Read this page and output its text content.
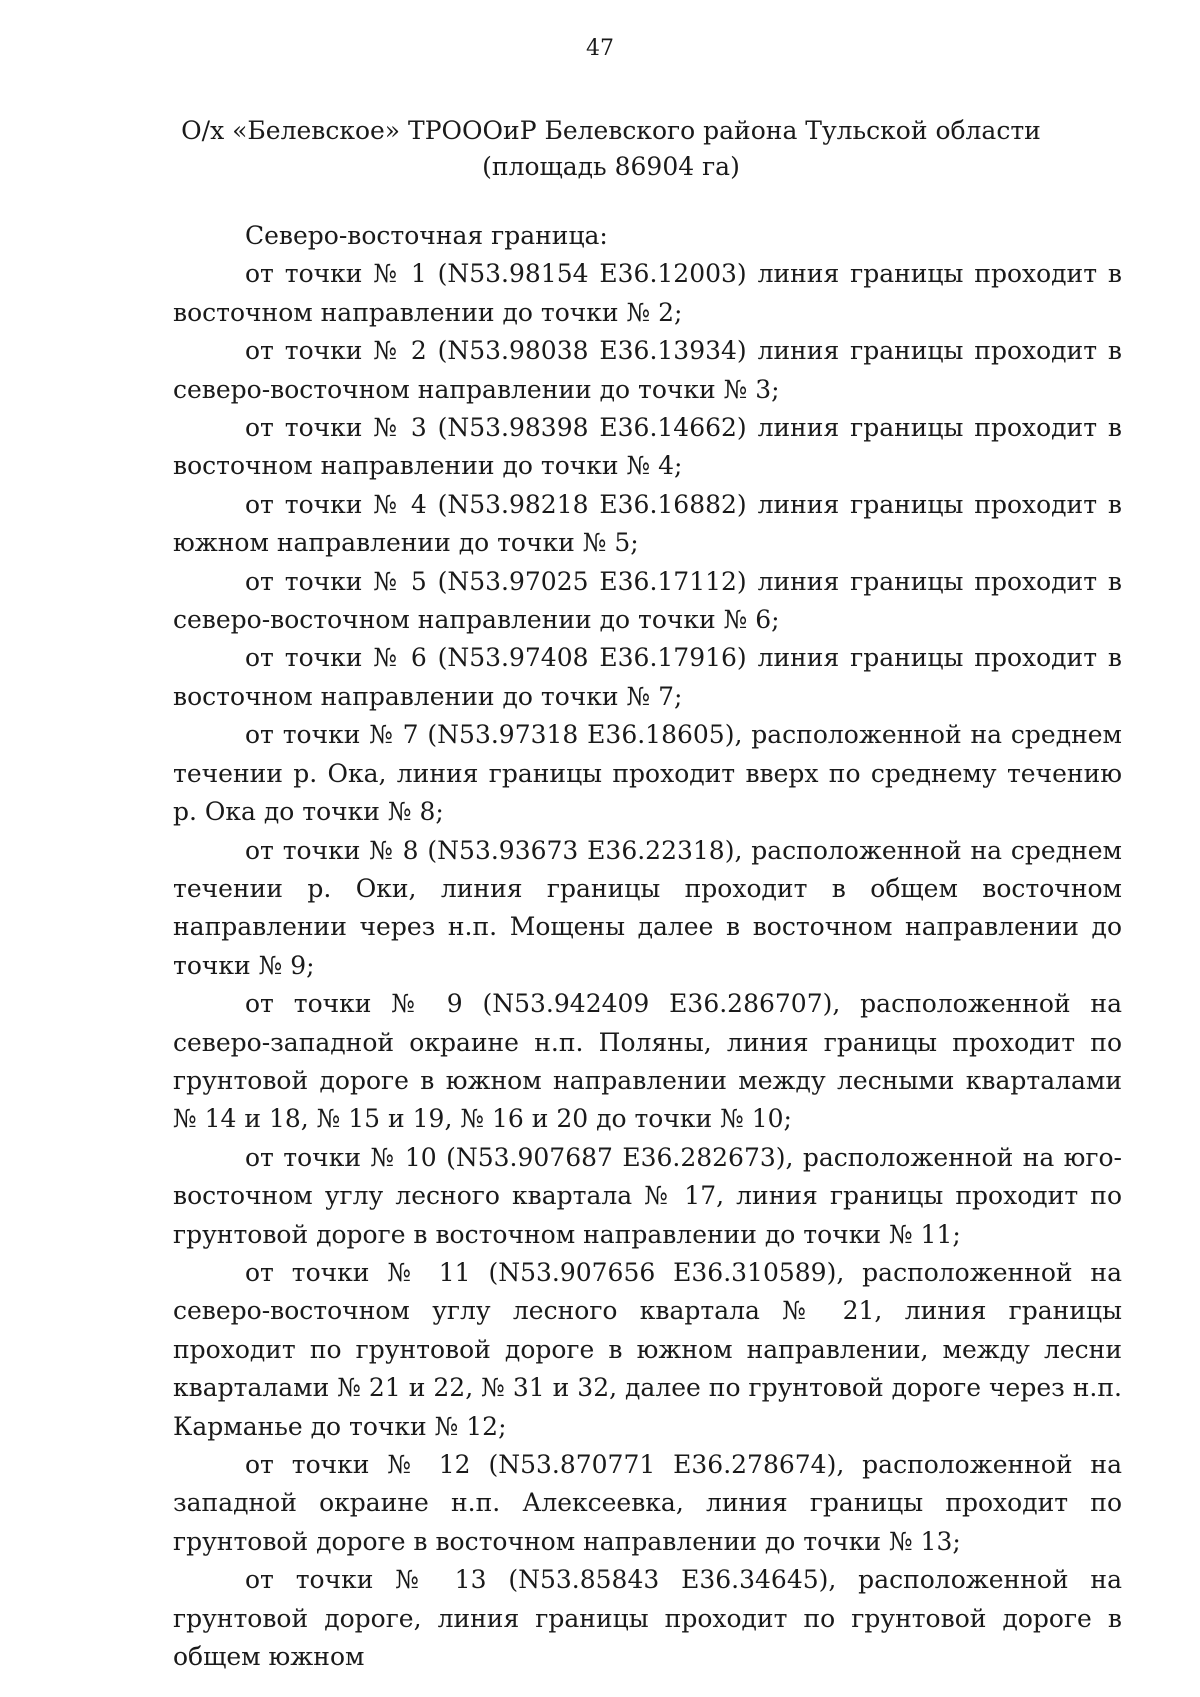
47
О/х «Белевское» ТРОООиР Белевского района Тульской области
(площадь 86904 га)

Северо-восточная граница:

от точки № 1 (N53.98154 E36.12003) линия границы проходит в восточном направлении до точки № 2;

от точки № 2 (N53.98038 E36.13934) линия границы проходит в северо-восточном направлении до точки № 3;

от точки № 3 (N53.98398 E36.14662) линия границы проходит в восточном направлении до точки № 4;

от точки № 4 (N53.98218 E36.16882) линия границы проходит в южном направлении до точки № 5;

от точки № 5 (N53.97025 E36.17112) линия границы проходит в северо-восточном направлении до точки № 6;

от точки № 6 (N53.97408 E36.17916) линия границы проходит в восточном направлении до точки № 7;

от точки № 7 (N53.97318 E36.18605), расположенной на среднем течении р. Ока, линия границы проходит вверх по среднему течению р. Ока до точки № 8;

от точки № 8 (N53.93673 E36.22318), расположенной на среднем течении р. Оки, линия границы проходит в общем восточном направлении через н.п. Мощены далее в восточном направлении до точки № 9;

от точки № 9 (N53.942409 E36.286707), расположенной на северо-западной окраине н.п. Поляны, линия границы проходит по грунтовой дороге в южном направлении между лесными кварталами № 14 и 18, № 15 и 19, № 16 и 20 до точки № 10;

от точки № 10 (N53.907687 E36.282673), расположенной на юго-восточном углу лесного квартала № 17, линия границы проходит по грунтовой дороге в восточном направлении до точки № 11;

от точки № 11 (N53.907656 E36.310589), расположенной на северо-восточном углу лесного квартала № 21, линия границы проходит по грунтовой дороге в южном направлении, между лесни кварталами № 21 и 22, № 31 и 32, далее по грунтовой дороге через н.п. Карманье до точки № 12;

от точки № 12 (N53.870771 E36.278674), расположенной на западной окраине н.п. Алексеевка, линия границы проходит по грунтовой дороге в восточном направлении до точки № 13;

от точки № 13 (N53.85843 E36.34645), расположенной на грунтовой дороге, линия границы проходит по грунтовой дороге в общем южном
